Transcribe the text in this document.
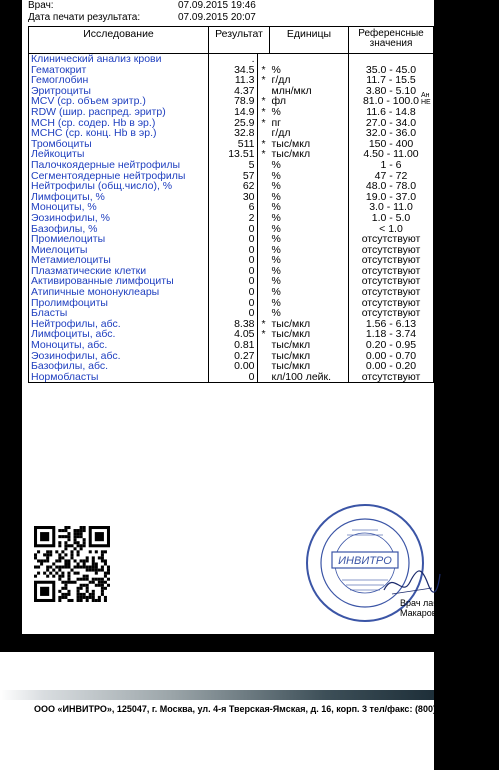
Врач:	07.09.2015 19:46
Дата печати результата:	07.09.2015 20:07
Исследование	Результат		Единицы	Референсные значения
Клинический анализ крови	.			
Гематокрит	34.5	*	%	35.0 - 45.0
Гемоглобин	11.3	*	г/дл	11.7 - 15.5
Эритроциты	4.37		млн/мкл	3.80 - 5.10
MCV (ср. объем эритр.)	78.9	*	фл	81.0 - 100.0
RDW (шир. распред. эритр)	14.9	*	%	11.6 - 14.8
MCH (ср. содер. Hb в эр.)	25.9	*	пг	27.0 - 34.0
MCHC (ср. конц. Hb в эр.)	32.8		г/дл	32.0 - 36.0
Тромбоциты	511	*	тыс/мкл	150 - 400
Лейкоциты	13.51	*	тыс/мкл	4.50 - 11.00
Палочкоядерные нейтрофилы	5		%	1 - 6
Сегментоядерные нейтрофилы	57		%	47 - 72
Нейтрофилы (общ.число), %	62		%	48.0 - 78.0
Лимфоциты, %	30		%	19.0 - 37.0
Моноциты, %	6		%	3.0 - 11.0
Эозинофилы, %	2		%	1.0 - 5.0
Базофилы, %	0		%	< 1.0
Промиелоциты	0		%	отсутствуют
Миелоциты	0		%	отсутствуют
Метамиелоциты	0		%	отсутствуют
Плазматические клетки	0		%	отсутствуют
Активированные лимфоциты	0		%	отсутствуют
Атипичные мононуклеары	0		%	отсутствуют
Пролимфоциты	0		%	отсутствуют
Бласты	0		%	отсутствуют
Нейтрофилы, абс.	8.38	*	тыс/мкл	1.56 - 6.13
Лимфоциты, абс.	4.05	*	тыс/мкл	1.18 - 3.74
Моноциты, абс.	0.81		тыс/мкл	0.20 - 0.95
Эозинофилы, абс.	0.27		тыс/мкл	0.00 - 0.70
Базофилы, абс.	0.00		тыс/мкл	0.00 - 0.20
Нормобласты	0		кл/100 лейк.	отсутствуют
Ан
НЕ
ИНВИТРО
Врач лабо
Макарова
ООО «ИНВИТРО», 125047, г. Москва, ул. 4-я Тверская-Ямская, д. 16, корп. 3 тел/факс: (800) 200 363 0, тел
